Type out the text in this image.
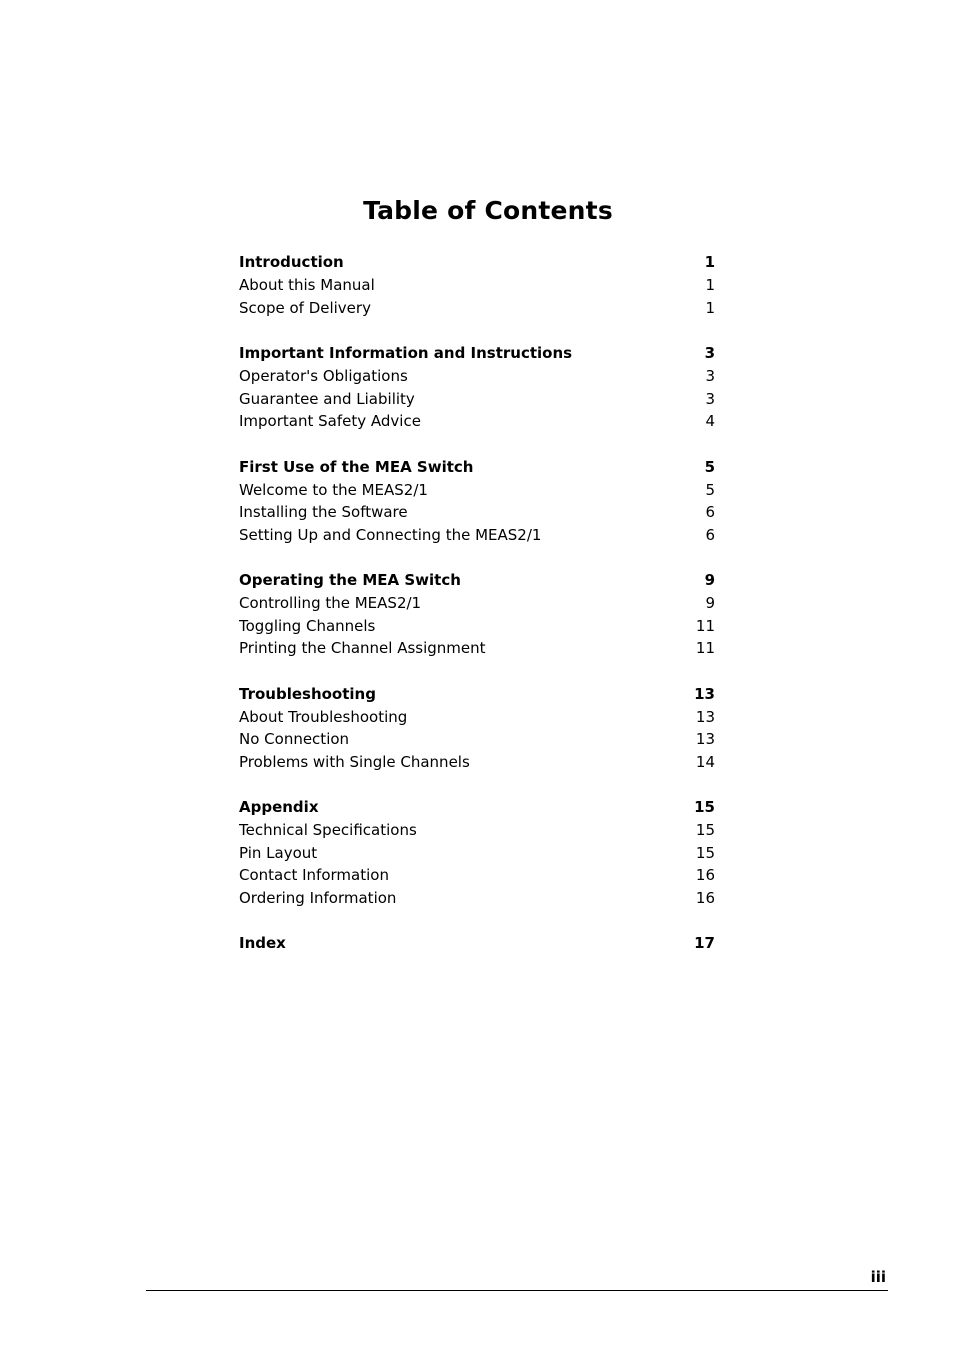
Table of Contents
Introduction	1
About this Manual	1
Scope of Delivery	1
Important Information and Instructions	3
Operator's Obligations	3
Guarantee and Liability	3
Important Safety Advice	4
First Use of the MEA Switch	5
Welcome to the MEAS2/1	5
Installing the Software	6
Setting Up and Connecting the MEAS2/1	6
Operating the MEA Switch	9
Controlling the MEAS2/1	9
Toggling Channels	11
Printing the Channel Assignment	11
Troubleshooting	13
About Troubleshooting	13
No Connection	13
Problems with Single Channels	14
Appendix	15
Technical Specifications	15
Pin Layout	15
Contact Information	16
Ordering Information	16
Index	17
iii
